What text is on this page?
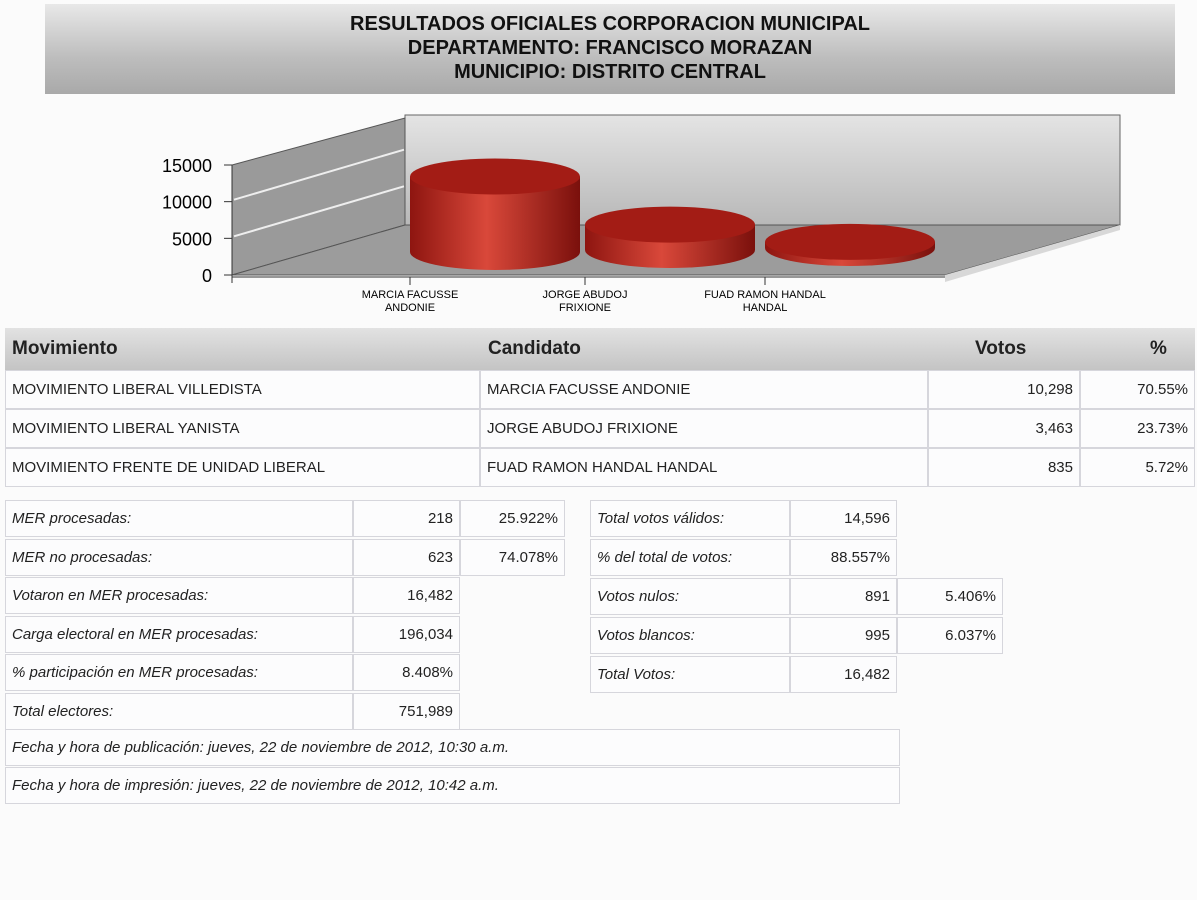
RESULTADOS OFICIALES CORPORACION MUNICIPAL
DEPARTAMENTO: FRANCISCO MORAZAN
MUNICIPIO: DISTRITO CENTRAL
0
5000
10000
15000
MARCIA FACUSSE
ANDONIE
JORGE ABUDOJ
FRIXIONE
FUAD RAMON HANDAL
HANDAL
Movimiento	Candidato	Votos	%
MOVIMIENTO LIBERAL VILLEDISTA	MARCIA FACUSSE ANDONIE	10,298	70.55%
MOVIMIENTO LIBERAL YANISTA	JORGE ABUDOJ FRIXIONE	3,463	23.73%
MOVIMIENTO FRENTE DE UNIDAD LIBERAL	FUAD RAMON HANDAL HANDAL	835	5.72%
MER procesadas:	218	25.922%
MER no procesadas:	623	74.078%
Votaron en MER procesadas:	16,482
Carga electoral en MER procesadas:	196,034
% participación en MER procesadas:	8.408%
Total electores:	751,989
Total votos válidos:	14,596
% del total de votos:	88.557%
Votos nulos:	891	5.406%
Votos blancos:	995	6.037%
Total Votos:	16,482
Fecha y hora de publicación: jueves, 22 de noviembre de 2012, 10:30 a.m.
Fecha y hora de impresión: jueves, 22 de noviembre de 2012, 10:42 a.m.
